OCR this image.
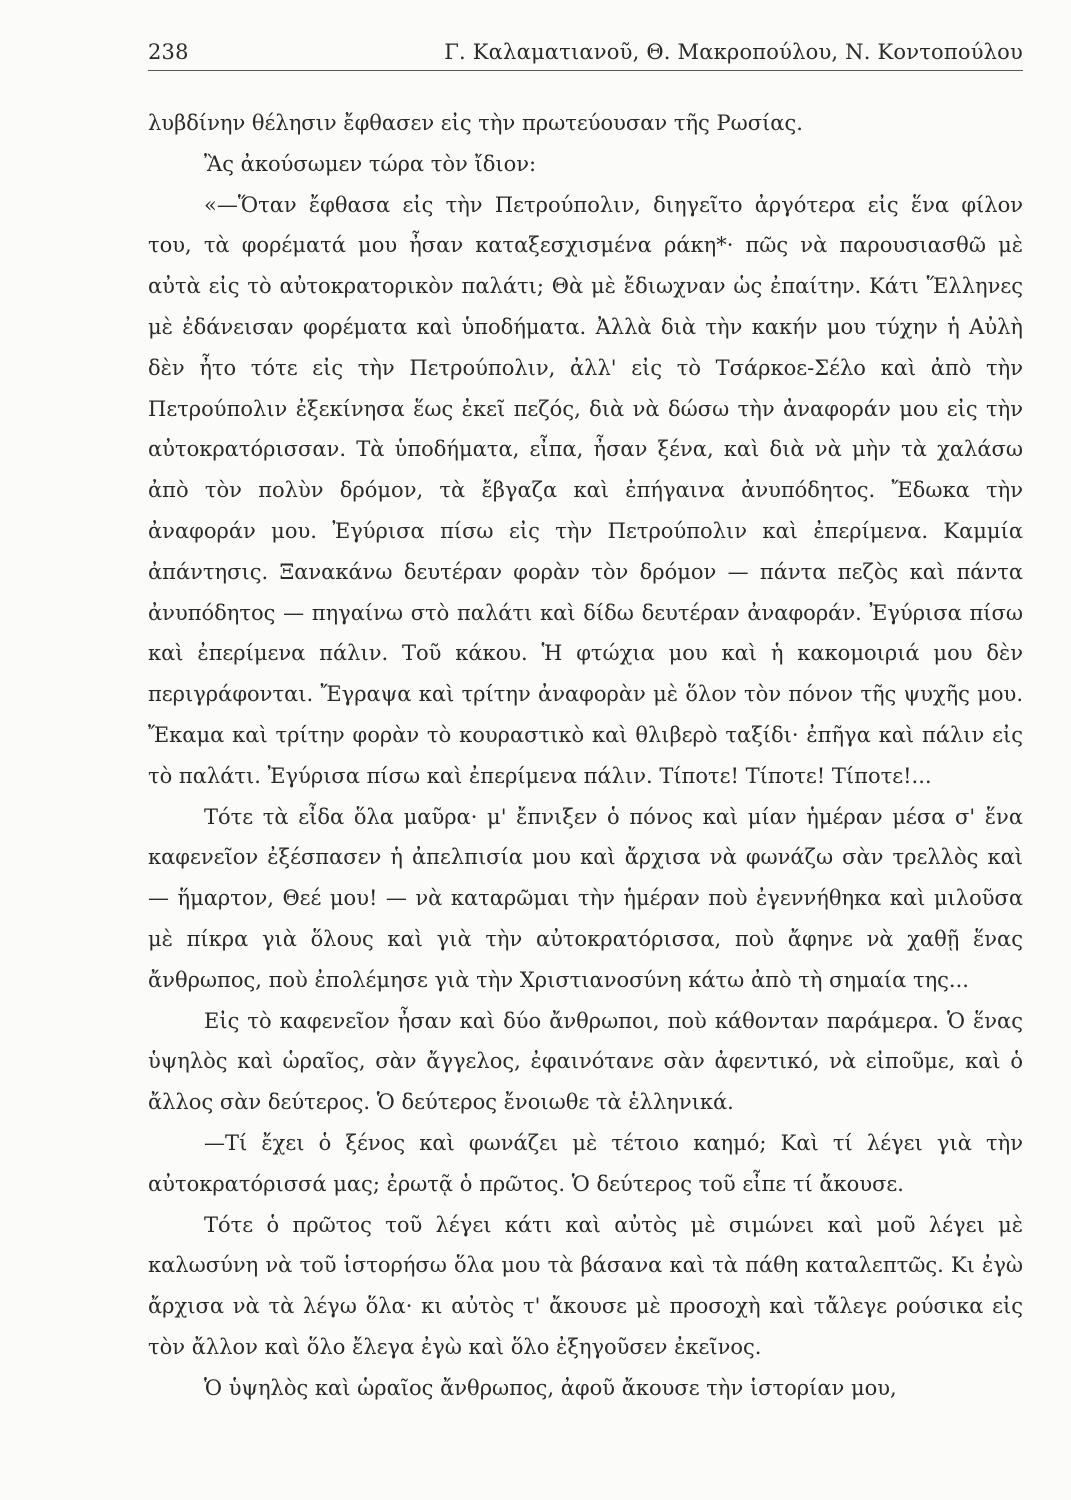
238	Γ. Καλαματιανοῦ, Θ. Μακροπούλου, Ν. Κοντοπούλου

λυβδίνην θέλησιν ἔφθασεν εἰς τὴν πρωτεύουσαν τῆς Ρωσίας.

Ἂς ἀκούσωμεν τώρα τὸν ἴδιον:

«—Ὅταν ἔφθασα εἰς τὴν Πετρούπολιν, διηγεῖτο ἀργότερα εἰς ἕνα φίλον του, τὰ φορέματά μου ἦσαν καταξεσχισμένα ράκη*· πῶς νὰ παρουσιασθῶ μὲ αὐτὰ εἰς τὸ αὐτοκρατορικὸν παλάτι; Θὰ μὲ ἔδιωχναν ὡς ἐπαίτην. Κάτι Ἕλληνες μὲ ἐδάνεισαν φορέματα καὶ ὑποδήματα. Ἀλλὰ διὰ τὴν κακήν μου τύχην ἡ Αὐλὴ δὲν ἦτο τότε εἰς τὴν Πετρούπολιν, ἀλλ' εἰς τὸ Τσάρκοε-Σέλο καὶ ἀπὸ τὴν Πετρούπολιν ἐξεκίνησα ἕως ἐκεῖ πεζός, διὰ νὰ δώσω τὴν ἀναφοράν μου εἰς τὴν αὐτοκρατόρισσαν. Τὰ ὑποδήματα, εἶπα, ἦσαν ξένα, καὶ διὰ νὰ μὴν τὰ χαλάσω ἀπὸ τὸν πολὺν δρόμον, τὰ ἔβγαζα καὶ ἐπήγαινα ἀνυπόδητος. Ἔδωκα τὴν ἀναφοράν μου. Ἐγύρισα πίσω εἰς τὴν Πετρούπολιν καὶ ἐπερίμενα. Καμμία ἀπάντησις. Ξανακάνω δευτέραν φορὰν τὸν δρόμον — πάντα πεζὸς καὶ πάντα ἀνυπόδητος — πηγαίνω στὸ παλάτι καὶ δίδω δευτέραν ἀναφοράν. Ἐγύρισα πίσω καὶ ἐπερίμενα πάλιν. Τοῦ κάκου. Ἡ φτώχια μου καὶ ἡ κακομοιριά μου δὲν περιγράφονται. Ἔγραψα καὶ τρίτην ἀναφορὰν μὲ ὅλον τὸν πόνον τῆς ψυχῆς μου. Ἔκαμα καὶ τρίτην φορὰν τὸ κουραστικὸ καὶ θλιβερὸ ταξίδι· ἐπῆγα καὶ πάλιν εἰς τὸ παλάτι. Ἐγύρισα πίσω καὶ ἐπερίμενα πάλιν. Τίποτε! Τίποτε! Τίποτε!...

Τότε τὰ εἶδα ὅλα μαῦρα· μ' ἔπνιξεν ὁ πόνος καὶ μίαν ἡμέραν μέσα σ' ἕνα καφενεῖον ἐξέσπασεν ἡ ἀπελπισία μου καὶ ἄρχισα νὰ φωνάζω σὰν τρελλὸς καὶ — ἥμαρτον, Θεέ μου! — νὰ καταρῶμαι τὴν ἡμέραν ποὺ ἐγεννήθηκα καὶ μιλοῦσα μὲ πίκρα γιὰ ὅλους καὶ γιὰ τὴν αὐτοκρατόρισσα, ποὺ ἄφηνε νὰ χαθῇ ἕνας ἄνθρωπος, ποὺ ἐπολέμησε γιὰ τὴν Χριστιανοσύνη κάτω ἀπὸ τὴ σημαία της...

Εἰς τὸ καφενεῖον ἦσαν καὶ δύο ἄνθρωποι, ποὺ κάθονταν παράμερα. Ὁ ἕνας ὑψηλὸς καὶ ὡραῖος, σὰν ἄγγελος, ἐφαινότανε σὰν ἀφεντικό, νὰ εἰποῦμε, καὶ ὁ ἄλλος σὰν δεύτερος. Ὁ δεύτερος ἔνοιωθε τὰ ἑλληνικά.

—Τί ἔχει ὁ ξένος καὶ φωνάζει μὲ τέτοιο καημό; Καὶ τί λέγει γιὰ τὴν αὐτοκρατόρισσά μας; ἐρωτᾷ ὁ πρῶτος. Ὁ δεύτερος τοῦ εἶπε τί ἄκουσε.

Τότε ὁ πρῶτος τοῦ λέγει κάτι καὶ αὐτὸς μὲ σιμώνει καὶ μοῦ λέγει μὲ καλωσύνη νὰ τοῦ ἱστορήσω ὅλα μου τὰ βάσανα καὶ τὰ πάθη καταλεπτῶς. Κι ἐγὼ ἄρχισα νὰ τὰ λέγω ὅλα· κι αὐτὸς τ' ἄκουσε μὲ προσοχὴ καὶ τἄλεγε ρούσικα εἰς τὸν ἄλλον καὶ ὅλο ἔλεγα ἐγὼ καὶ ὅλο ἐξηγοῦσεν ἐκεῖνος.

Ὁ ὑψηλὸς καὶ ὡραῖος ἄνθρωπος, ἀφοῦ ἄκουσε τὴν ἱστορίαν μου,
